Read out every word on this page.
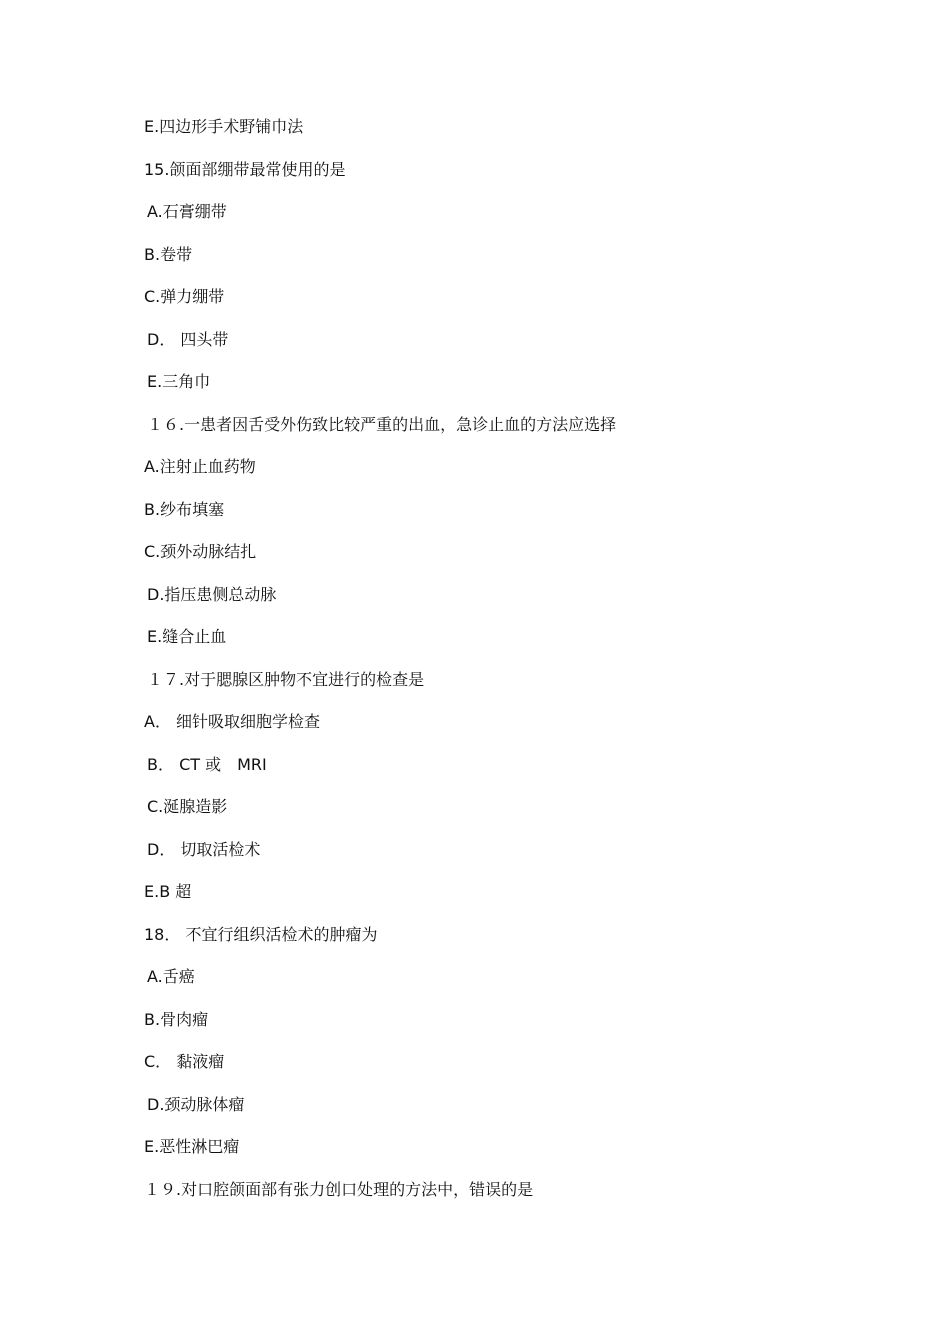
E.四边形手术野铺巾法
15.颌面部绷带最常使用的是
A.石膏绷带
B.卷带
C.弹力绷带
D． 四头带
E.三角巾
１６.一患者因舌受外伤致比较严重的出血，急诊止血的方法应选择
A.注射止血药物
B.纱布填塞
C.颈外动脉结扎
D.指压患侧总动脉
E.缝合止血
１７.对于腮腺区肿物不宜进行的检查是
A． 细针吸取细胞学检查
B． CT 或　MRI
C.涎腺造影
D． 切取活检术
E.B 超
18． 不宜行组织活检术的肿瘤为
A.舌癌
B.骨肉瘤
C． 黏液瘤
D.颈动脉体瘤
E.恶性淋巴瘤
１９.对口腔颌面部有张力创口处理的方法中，错误的是
